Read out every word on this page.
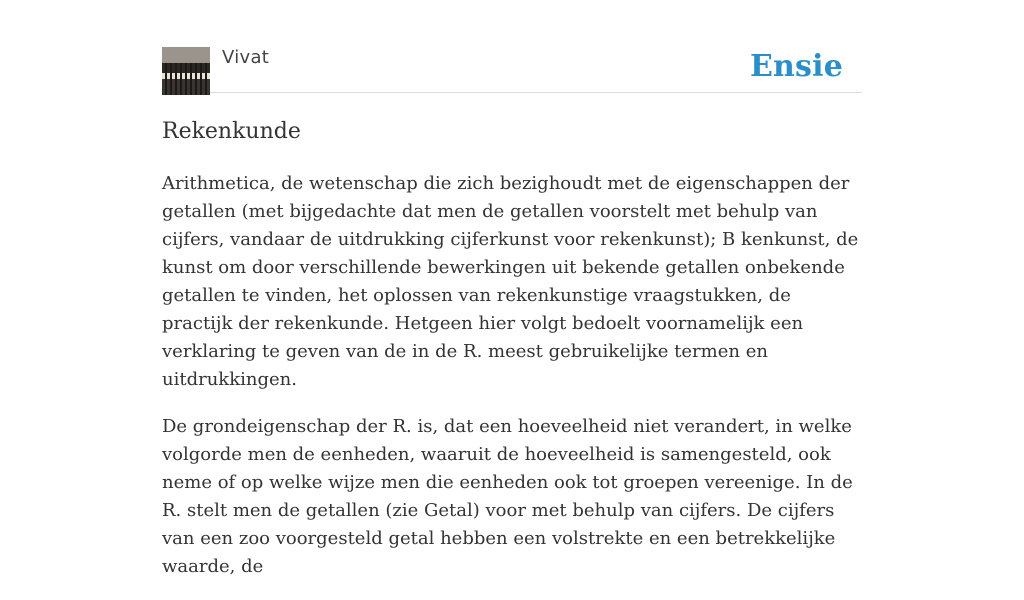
Vivat	Ensie
Rekenkunde

Arithmetica, de wetenschap die zich bezighoudt met de eigenschappen der getallen (met bijgedachte dat men de getallen voorstelt met behulp van cijfers, vandaar de uitdrukking cijferkunst voor rekenkunst); B kenkunst, de kunst om door verschillende bewerkingen uit bekende getallen onbekende getallen te vinden, het oplossen van rekenkunstige vraagstukken, de practijk der rekenkunde. Hetgeen hier volgt bedoelt voornamelijk een verklaring te geven van de in de R. meest gebruikelijke termen en uitdrukkingen.

De grondeigenschap der R. is, dat een hoeveelheid niet verandert, in welke volgorde men de eenheden, waaruit de hoeveelheid is samengesteld, ook neme of op welke wijze men die eenheden ook tot groepen vereenige. In de R. stelt men de getallen (zie Getal) voor met behulp van cijfers. De cijfers van een zoo voorgesteld getal hebben een volstrekte en een betrekkelijke waarde, de
